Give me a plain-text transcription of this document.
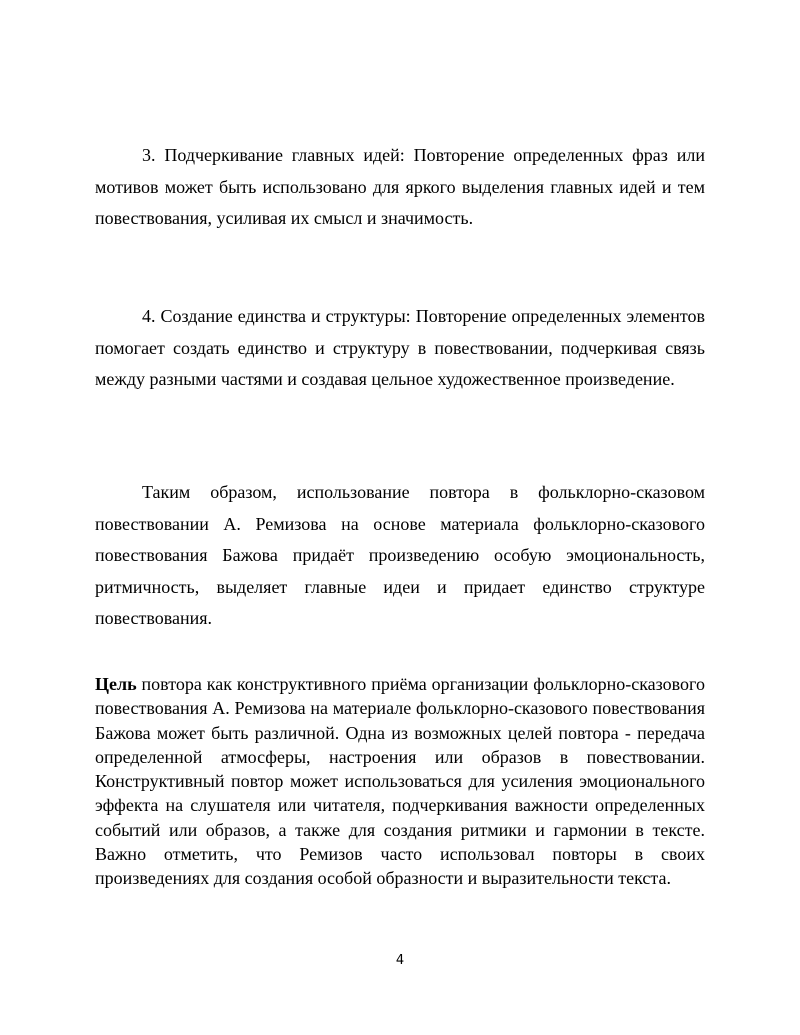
3. Подчеркивание главных идей: Повторение определенных фраз или мотивов может быть использовано для яркого выделения главных идей и тем повествования, усиливая их смысл и значимость.

4. Создание единства и структуры: Повторение определенных элементов помогает создать единство и структуру в повествовании, подчеркивая связь между разными частями и создавая цельное художественное произведение.

Таким образом, использование повтора в фольклорно-сказовом повествовании А. Ремизова на основе материала фольклорно-сказового повествования Бажова придаёт произведению особую эмоциональность, ритмичность, выделяет главные идеи и придает единство структуре повествования.

Цель повтора как конструктивного приёма организации фольклорно-сказового повествования А. Ремизова на материале фольклорно-сказового повествования Бажова может быть различной. Одна из возможных целей повтора - передача определенной атмосферы, настроения или образов в повествовании. Конструктивный повтор может использоваться для усиления эмоционального эффекта на слушателя или читателя, подчеркивания важности определенных событий или образов, а также для создания ритмики и гармонии в тексте. Важно отметить, что Ремизов часто использовал повторы в своих произведениях для создания особой образности и выразительности текста.

4
